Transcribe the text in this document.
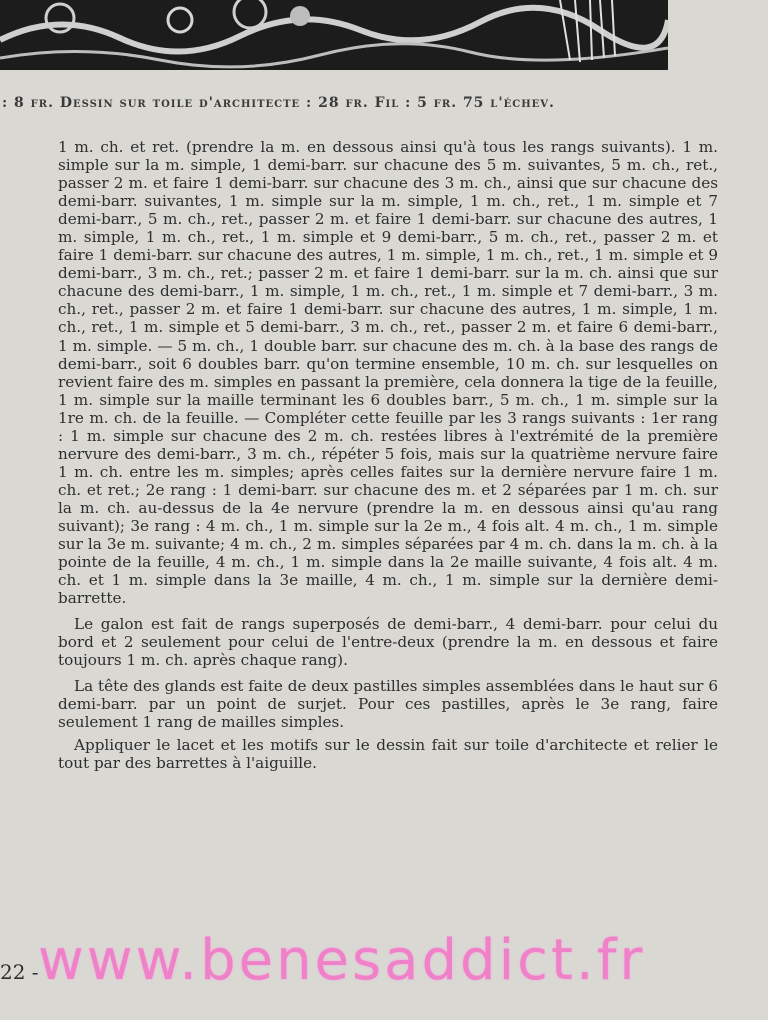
: 8 fr. Dessin sur toile d'architecte : 28 fr. Fil : 5 fr. 75 l'échev.

1 m. ch. et ret. (prendre la m. en dessous ainsi qu'à tous les rangs suivants). 1 m. simple sur la m. simple, 1 demi-barr. sur chacune des 5 m. suivantes, 5 m. ch., ret., passer 2 m. et faire 1 demi-barr. sur chacune des 3 m. ch., ainsi que sur chacune des demi-barr. suivantes, 1 m. simple sur la m. simple, 1 m. ch., ret., 1 m. simple et 7 demi-barr., 5 m. ch., ret., passer 2 m. et faire 1 demi-barr. sur chacune des autres, 1 m. simple, 1 m. ch., ret., 1 m. simple et 9 demi-barr., 5 m. ch., ret., passer 2 m. et faire 1 demi-barr. sur chacune des autres, 1 m. simple, 1 m. ch., ret., 1 m. simple et 9 demi-barr., 3 m. ch., ret.; passer 2 m. et faire 1 demi-barr. sur la m. ch. ainsi que sur chacune des demi-barr., 1 m. simple, 1 m. ch., ret., 1 m. simple et 7 demi-barr., 3 m. ch., ret., passer 2 m. et faire 1 demi-barr. sur chacune des autres, 1 m. simple, 1 m. ch., ret., 1 m. simple et 5 demi-barr., 3 m. ch., ret., passer 2 m. et faire 6 demi-barr., 1 m. simple. — 5 m. ch., 1 double barr. sur chacune des m. ch. à la base des rangs de demi-barr., soit 6 doubles barr. qu'on termine ensemble, 10 m. ch. sur lesquelles on revient faire des m. simples en passant la première, cela donnera la tige de la feuille, 1 m. simple sur la maille terminant les 6 doubles barr., 5 m. ch., 1 m. simple sur la 1re m. ch. de la feuille. — Compléter cette feuille par les 3 rangs suivants : 1er rang : 1 m. simple sur chacune des 2 m. ch. restées libres à l'extrémité de la première nervure des demi-barr., 3 m. ch., répéter 5 fois, mais sur la quatrième nervure faire 1 m. ch. entre les m. simples; après celles faites sur la dernière nervure faire 1 m. ch. et ret.; 2e rang : 1 demi-barr. sur chacune des m. et 2 séparées par 1 m. ch. sur la m. ch. au-dessus de la 4e nervure (prendre la m. en dessous ainsi qu'au rang suivant); 3e rang : 4 m. ch., 1 m. simple sur la 2e m., 4 fois alt. 4 m. ch., 1 m. simple sur la 3e m. suivante; 4 m. ch., 2 m. simples séparées par 4 m. ch. dans la m. ch. à la pointe de la feuille, 4 m. ch., 1 m. simple dans la 2e maille suivante, 4 fois alt. 4 m. ch. et 1 m. simple dans la 3e maille, 4 m. ch., 1 m. simple sur la dernière demi-barrette.

Le galon est fait de rangs superposés de demi-barr., 4 demi-barr. pour celui du bord et 2 seulement pour celui de l'entre-deux (prendre la m. en dessous et faire toujours 1 m. ch. après chaque rang).

La tête des glands est faite de deux pastilles simples assemblées dans le haut sur 6 demi-barr. par un point de surjet. Pour ces pastilles, après le 3e rang, faire seulement 1 rang de mailles simples.

Appliquer le lacet et les motifs sur le dessin fait sur toile d'architecte et relier le tout par des barrettes à l'aiguille.

22 - www.benesaddict.fr
